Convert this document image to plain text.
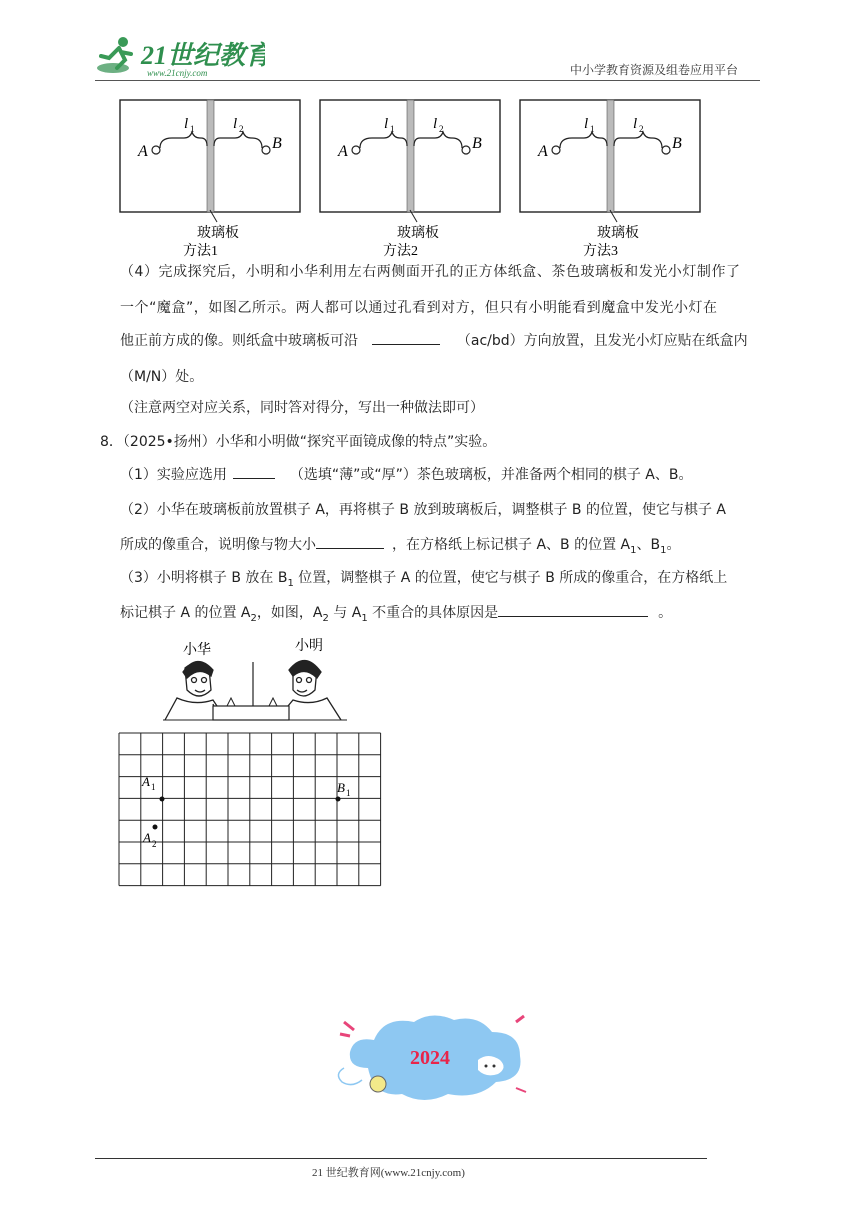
21世纪教育
www.21cnjy.com	中小学教育资源及组卷应用平台
A	B
l 1	l 2
玻璃板
方法1
A	B
l 1	l 2
玻璃板
方法2
A	B
l 1	l 2
玻璃板
方法3
（4）完成探究后，小明和小华利用左右两侧面开孔的正方体纸盒、茶色玻璃板和发光小灯制作了
一个“魔盒”，如图乙所示。两人都可以通过孔看到对方，但只有小明能看到魔盒中发光小灯在
他正前方成的像。则纸盒中玻璃板可沿	（ac/bd）方向放置，且发光小灯应贴在纸盒内
（M/N）处。
（注意两空对应关系，同时答对得分，写出一种做法即可）
8．（2025•扬州）小华和小明做“探究平面镜成像的特点”实验。
（1）实验应选用	（选填“薄”或“厚”）茶色玻璃板，并准备两个相同的棋子 A、B。
（2）小华在玻璃板前放置棋子 A，再将棋子 B 放到玻璃板后，调整棋子 B 的位置，使它与棋子 A
所成的像重合，说明像与物大小	，在方格纸上标记棋子 A、B 的位置 $A_1$、$B_1$。
（3）小明将棋子 B 放在 $B_1$ 位置，调整棋子 A 的位置，使它与棋子 B 所成的像重合，在方格纸上
标记棋子 A 的位置 $A_2$，如图，$A_2$ 与 $A_1$ 不重合的具体原因是	。
小华	小明
A 1	B 1
A 2
2024
21 世纪教育网(www.21cnjy.com)
